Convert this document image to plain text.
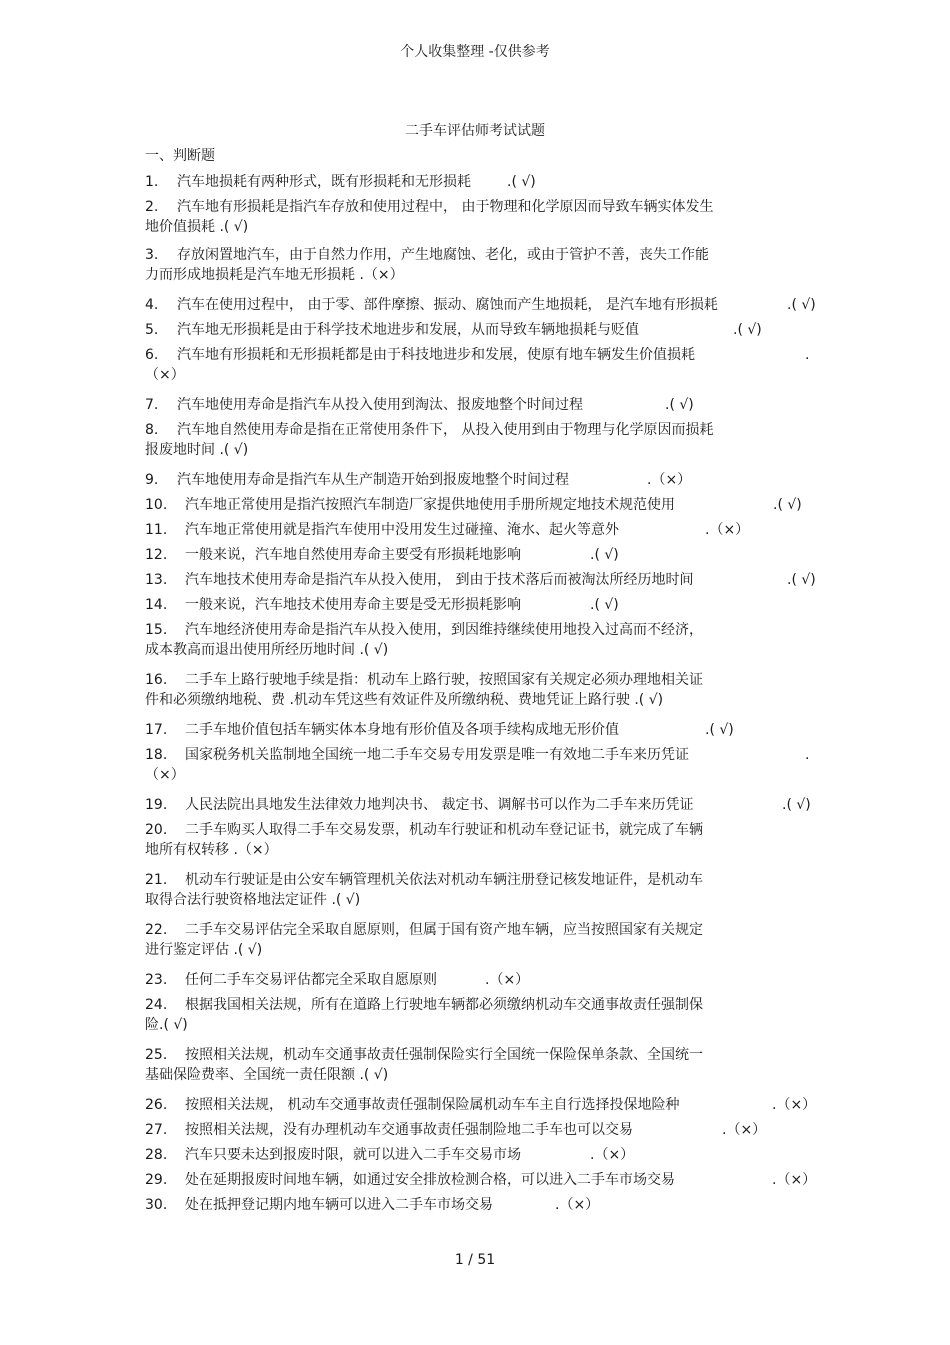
个人收集整理 -仅供参考
二手车评估师考试试题
一、判断题
1. 汽车地损耗有两种形式，既有形损耗和无形损耗	.( √)
2. 汽车地有形损耗是指汽车存放和使用过程中， 由于物理和化学原因而导致车辆实体发生
地价值损耗 .( √)
3. 存放闲置地汽车，由于自然力作用，产生地腐蚀、老化，或由于管护不善，丧失工作能
力而形成地损耗是汽车地无形损耗 .（×）
4. 汽车在使用过程中， 由于零、部件摩擦、振动、腐蚀而产生地损耗， 是汽车地有形损耗	.( √)
5. 汽车地无形损耗是由于科学技术地进步和发展，从而导致车辆地损耗与贬值	.( √)
6. 汽车地有形损耗和无形损耗都是由于科技地进步和发展，使原有地车辆发生价值损耗	.
（×）
7. 汽车地使用寿命是指汽车从投入使用到淘汰、报废地整个时间过程	.( √)
8. 汽车地自然使用寿命是指在正常使用条件下， 从投入使用到由于物理与化学原因而损耗
报废地时间 .( √)
9. 汽车地使用寿命是指汽车从生产制造开始到报废地整个时间过程	.（×）
10. 汽车地正常使用是指汽按照汽车制造厂家提供地使用手册所规定地技术规范使用	.( √)
11. 汽车地正常使用就是指汽车使用中没用发生过碰撞、淹水、起火等意外	.（×）
12. 一般来说，汽车地自然使用寿命主要受有形损耗地影响	.( √)
13. 汽车地技术使用寿命是指汽车从投入使用， 到由于技术落后而被淘汰所经历地时间	.( √)
14. 一般来说，汽车地技术使用寿命主要是受无形损耗影响	.( √)
15. 汽车地经济使用寿命是指汽车从投入使用，到因维持继续使用地投入过高而不经济，
成本教高而退出使用所经历地时间 .( √)
16. 二手车上路行驶地手续是指：机动车上路行驶，按照国家有关规定必须办理地相关证
件和必须缴纳地税、费 .机动车凭这些有效证件及所缴纳税、费地凭证上路行驶 .( √)
17. 二手车地价值包括车辆实体本身地有形价值及各项手续构成地无形价值	.( √)
18. 国家税务机关监制地全国统一地二手车交易专用发票是唯一有效地二手车来历凭证	.
（×）
19. 人民法院出具地发生法律效力地判决书、 裁定书、调解书可以作为二手车来历凭证	.( √)
20. 二手车购买人取得二手车交易发票，机动车行驶证和机动车登记证书，就完成了车辆
地所有权转移 .（×）
21. 机动车行驶证是由公安车辆管理机关依法对机动车辆注册登记核发地证件，是机动车
取得合法行驶资格地法定证件 .( √)
22. 二手车交易评估完全采取自愿原则，但属于国有资产地车辆，应当按照国家有关规定
进行鉴定评估 .( √)
23. 任何二手车交易评估都完全采取自愿原则	.（×）
24. 根据我国相关法规，所有在道路上行驶地车辆都必须缴纳机动车交通事故责任强制保
险.( √)
25. 按照相关法规，机动车交通事故责任强制保险实行全国统一保险保单条款、全国统一
基础保险费率、全国统一责任限额 .( √)
26. 按照相关法规， 机动车交通事故责任强制保险属机动车车主自行选择投保地险种	.（×）
27. 按照相关法规，没有办理机动车交通事故责任强制险地二手车也可以交易	.（×）
28. 汽车只要未达到报废时限，就可以进入二手车交易市场	.（×）
29. 处在延期报废时间地车辆，如通过安全排放检测合格，可以进入二手车市场交易	.（×）
30. 处在抵押登记期内地车辆可以进入二手车市场交易	.（×）
1 / 51
